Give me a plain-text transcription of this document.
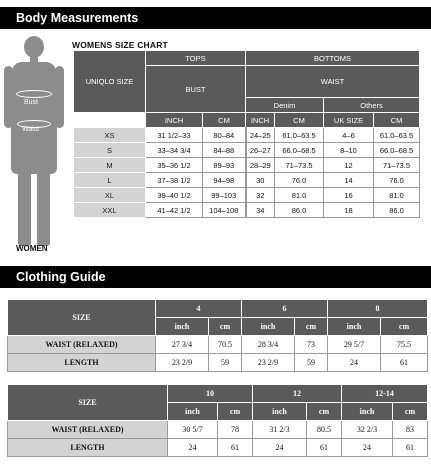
Body Measurements
Bust
Waist
WOMEN
WOMENS SIZE CHART
UNIQLO SIZE	TOPS		BOTTOMS			
	BUST		WAIST			
			Denim		Others	
	INCH	CM	INCH	CM	UK SIZE	CM
XS	31 1/2–33	80–84	24–25	61.0–63.5	4–6	61.0–63.5
S	33–34 3/4	84–88	26–27	66.0–68.5	8–10	66.0–68.5
M	35–36 1/2	89–93	28–29	71–73.5	12	71–73.5
L	37–38 1/2	94–98	30	76.0	14	76.0
XL	39–40 1/2	99–103	32	81.0	16	81.0
XXL	41–42 1/2	104–108	34	86.0	18	86.0
Clothing Guide
SIZE	4		6		8	
	inch	cm	inch	cm	inch	cm
WAIST (RELAXED)	27 3/4	70.5	28 3/4	73	29 5/7	75.5
LENGTH	23 2/9	59	23 2/9	59	24	61
SIZE	10		12		12-14	
	inch	cm	inch	cm	inch	cm
WAIST (RELAXED)	30 5/7	78	31 2/3	80.5	32 2/3	83
LENGTH	24	61	24	61	24	61
